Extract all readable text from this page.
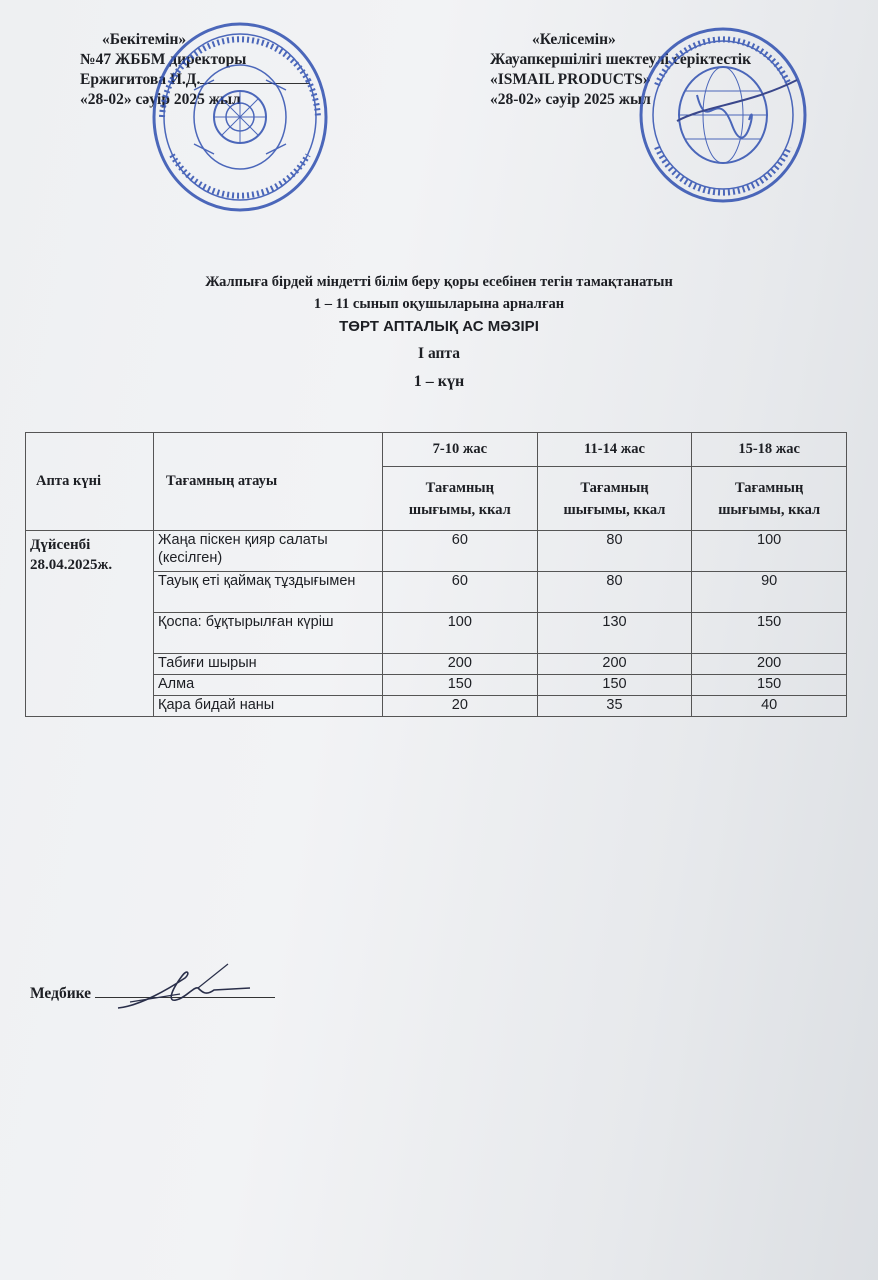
«Бекітемін»
№47 ЖББМ директоры
Ержигитова И.Д.
«28-02» сәуір 2025 жыл
«Келісемін»
Жауапкершілігі шектеулі серіктестік
«ISMAIL PRODUCTS»
«28-02» сәуір 2025 жыл
Жалпыға бірдей міндетті білім беру қоры есебінен тегін тамақтанатын
1 – 11 сынып оқушыларына арналған
ТӨРТ АПТАЛЫҚ АС МӘЗІРІ
І апта
1 – күн
Апта күні	Тағамның атауы	7-10 жас	11-14 жас	15-18 жас
		Тағамның
шығымы, ккал	Тағамның
шығымы, ккал	Тағамның
шығымы, ккал

Дүйсенбі
28.04.2025ж.	Жаңа піскен қияр салаты (кесілген)	60	80	100
	Тауық еті қаймақ тұздығымен	60	80	90
	Қоспа: бұқтырылған күріш	100	130	150
	Табиғи шырын	200	200	200
	Алма	150	150	150
	Қара бидай наны	20	35	40
Медбике
